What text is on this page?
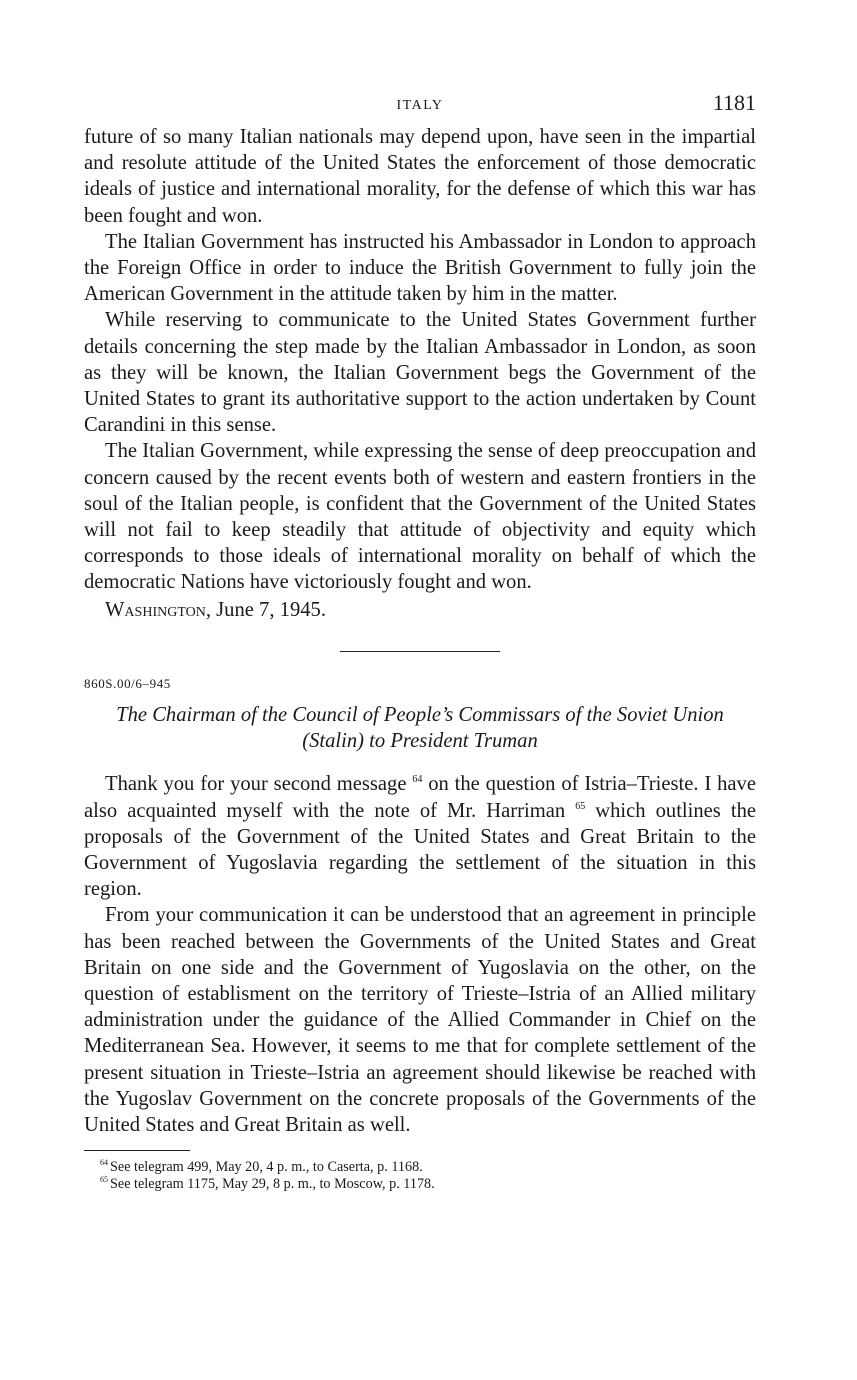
ITALY	1181

future of so many Italian nationals may depend upon, have seen in the impartial and resolute attitude of the United States the enforcement of those democratic ideals of justice and international morality, for the defense of which this war has been fought and won.

The Italian Government has instructed his Ambassador in London to approach the Foreign Office in order to induce the British Government to fully join the American Government in the attitude taken by him in the matter.

While reserving to communicate to the United States Government further details concerning the step made by the Italian Ambassador in London, as soon as they will be known, the Italian Government begs the Government of the United States to grant its authoritative support to the action undertaken by Count Carandini in this sense.

The Italian Government, while expressing the sense of deep preoccupation and concern caused by the recent events both of western and eastern frontiers in the soul of the Italian people, is confident that the Government of the United States will not fail to keep steadily that attitude of objectivity and equity which corresponds to those ideals of international morality on behalf of which the democratic Nations have victoriously fought and won.

Washington, June 7, 1945.
860S.00/6–945
The Chairman of the Council of People’s Commissars of the Soviet Union (Stalin) to President Truman

Thank you for your second message $^{64}$ on the question of Istria–Trieste. I have also acquainted myself with the note of Mr. Harriman $^{65}$ which outlines the proposals of the Government of the United States and Great Britain to the Government of Yugoslavia regarding the settlement of the situation in this region.

From your communication it can be understood that an agreement in principle has been reached between the Governments of the United States and Great Britain on one side and the Government of Yugoslavia on the other, on the question of establisment on the territory of Trieste–Istria of an Allied military administration under the guidance of the Allied Commander in Chief on the Mediterranean Sea. However, it seems to me that for complete settlement of the present situation in Trieste–Istria an agreement should likewise be reached with the Yugoslav Government on the concrete proposals of the Governments of the United States and Great Britain as well.

$^{64}$ See telegram 499, May 20, 4 p. m., to Caserta, p. 1168.

$^{65}$ See telegram 1175, May 29, 8 p. m., to Moscow, p. 1178.
